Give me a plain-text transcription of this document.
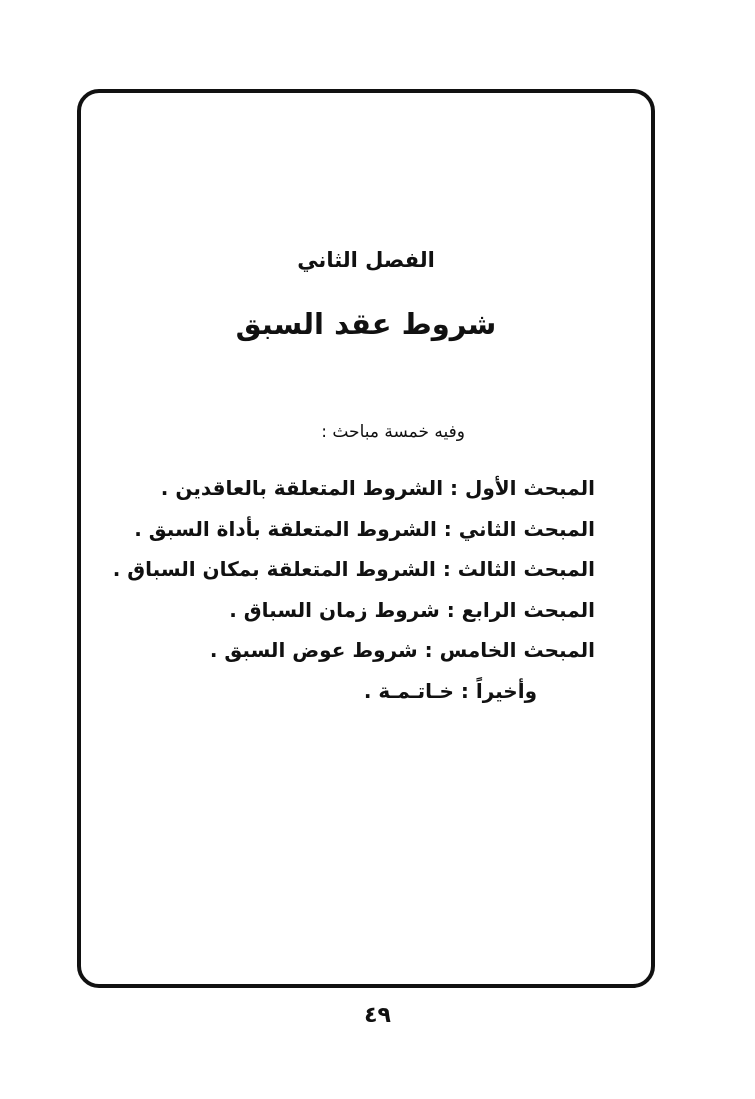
الفصل الثاني
شروط عقد السبق
وفيه خمسة مباحث :
المبحث الأول : الشروط المتعلقة بالعاقدين .
المبحث الثاني : الشروط المتعلقة بأداة السبق .
المبحث الثالث : الشروط المتعلقة بمكان السباق .
المبحث الرابع : شروط زمان السباق .
المبحث الخامس : شروط عوض السبق .
وأخيراً : خـاتـمـة .
٤٩
